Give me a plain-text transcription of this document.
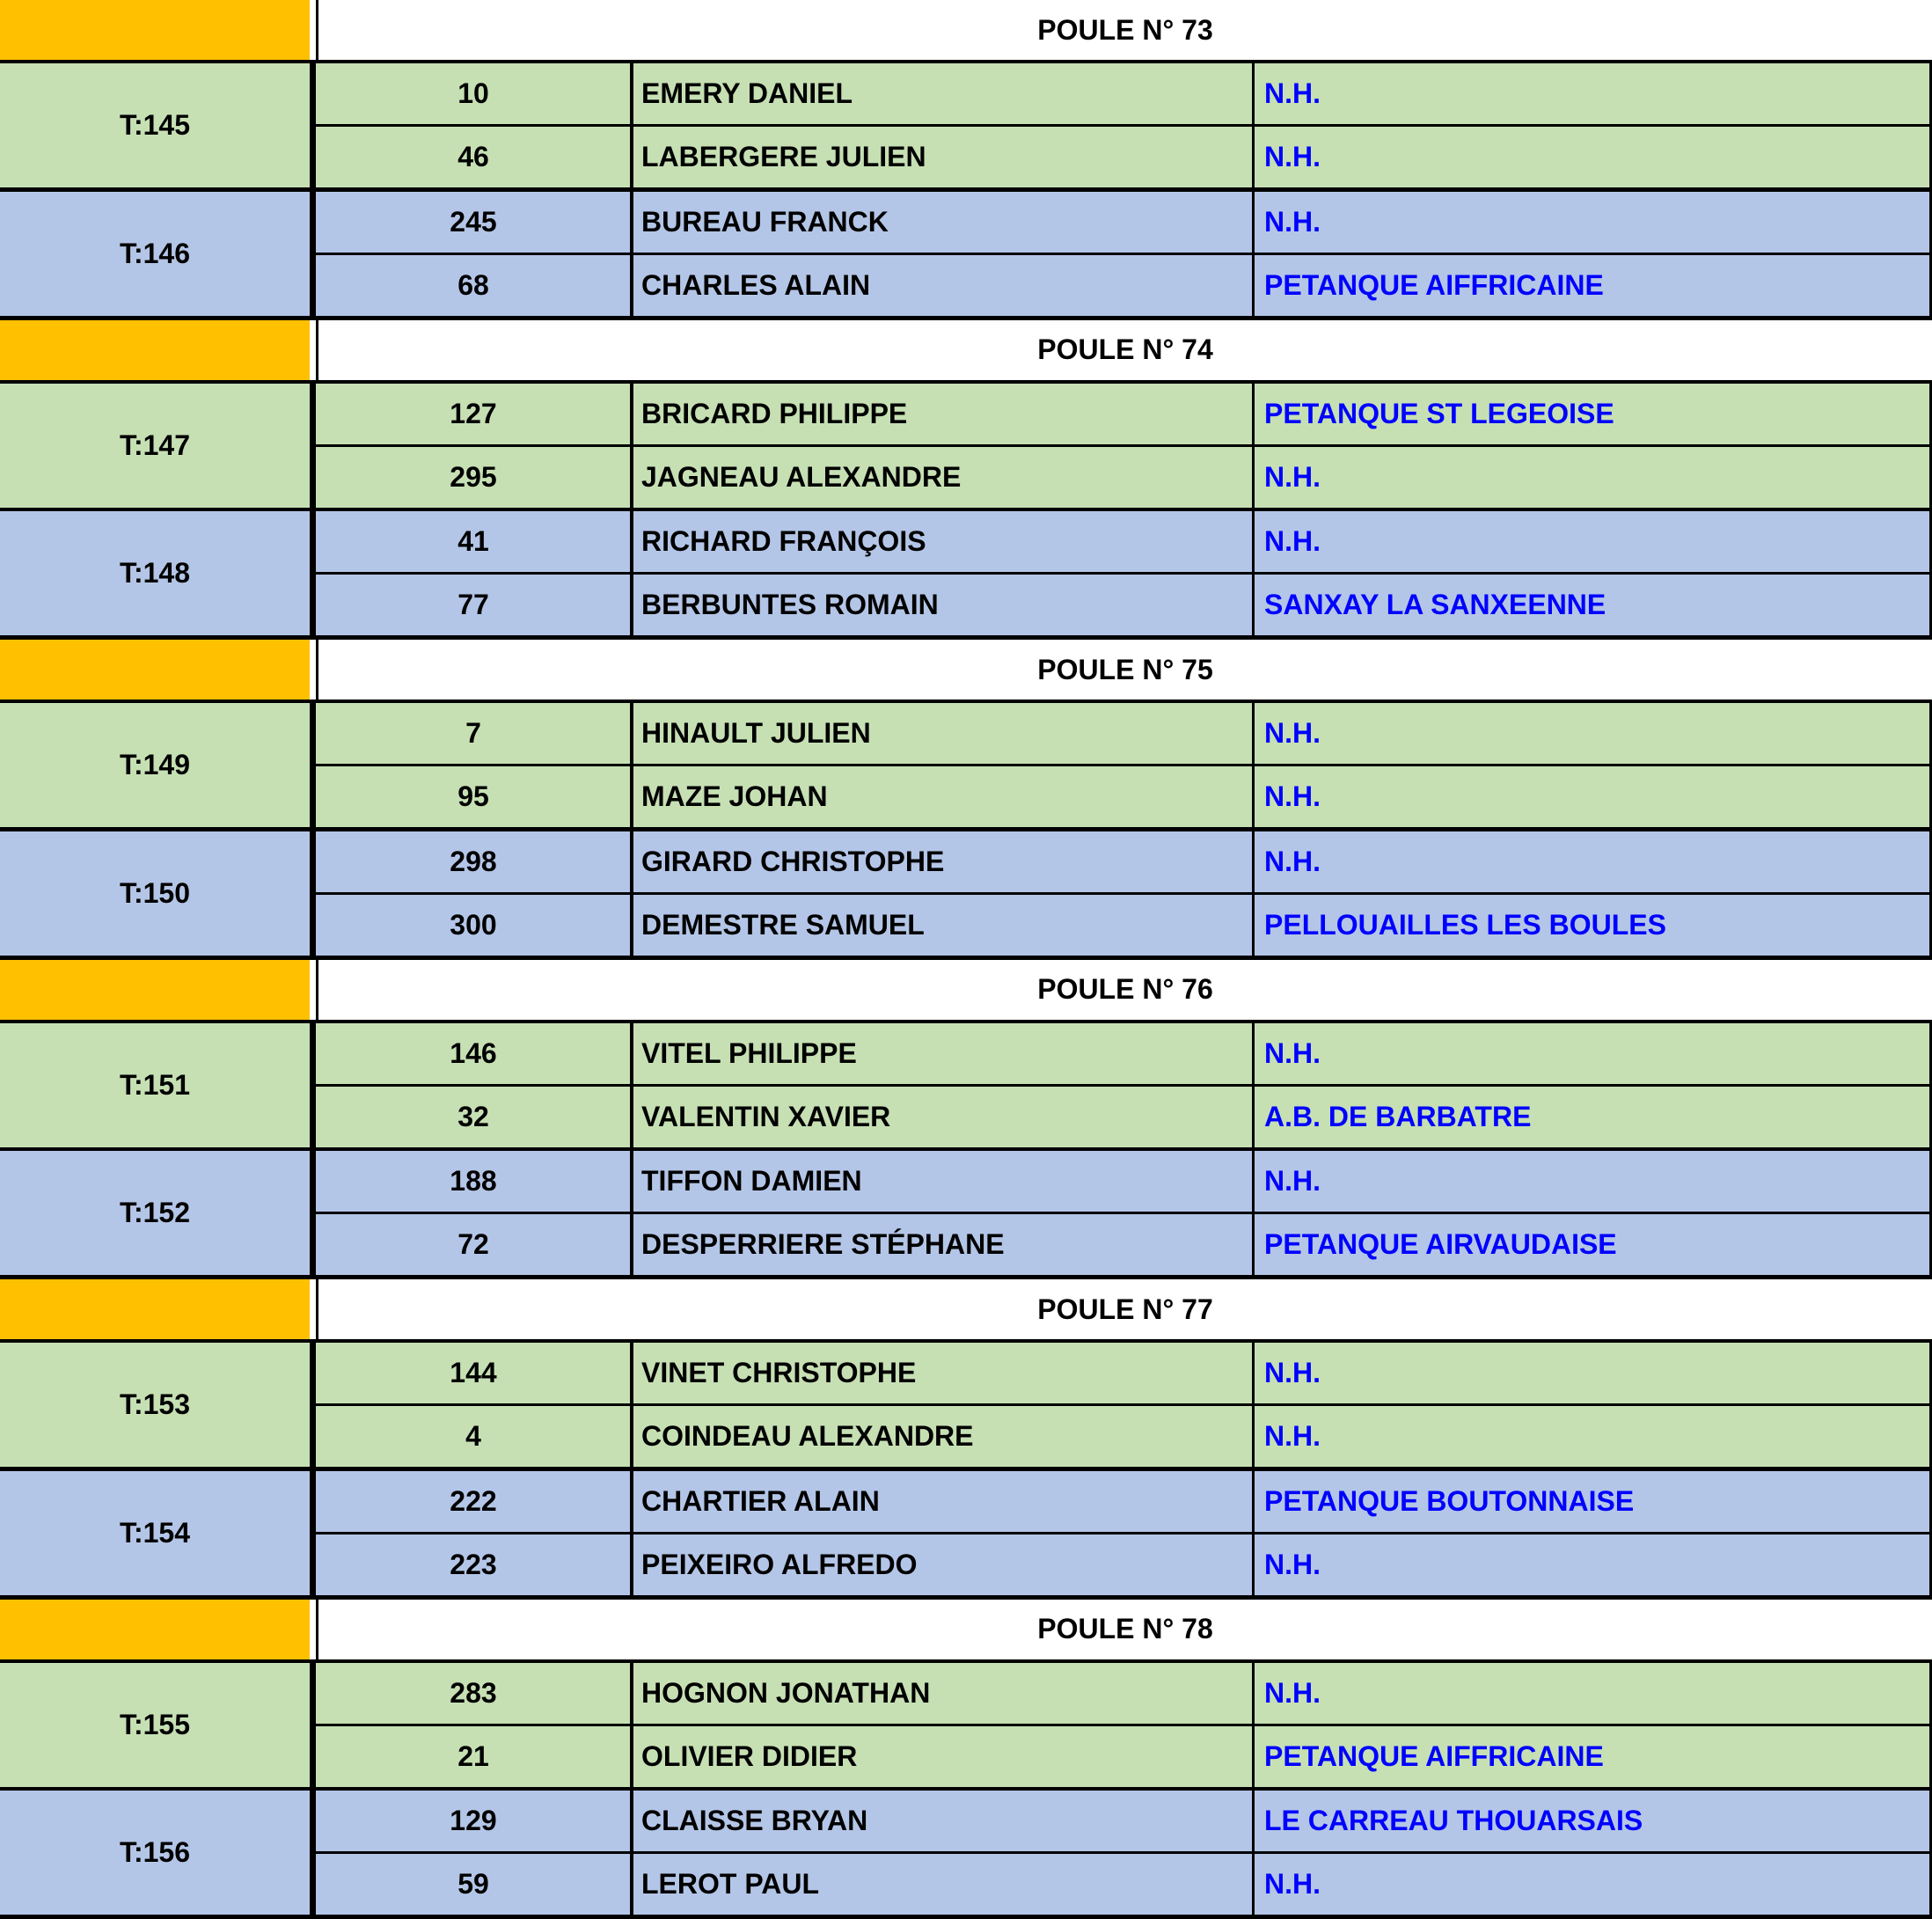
POULE N° 73
T:145
10	EMERY DANIEL	N.H.
46	LABERGERE JULIEN	N.H.
T:146
245	BUREAU FRANCK	N.H.
68	CHARLES ALAIN	PETANQUE AIFFRICAINE
POULE N° 74
T:147
127	BRICARD PHILIPPE	PETANQUE ST LEGEOISE
295	JAGNEAU ALEXANDRE	N.H.
T:148
41	RICHARD FRANÇOIS	N.H.
77	BERBUNTES ROMAIN	SANXAY LA SANXEENNE
POULE N° 75
T:149
7	HINAULT JULIEN	N.H.
95	MAZE JOHAN	N.H.
T:150
298	GIRARD CHRISTOPHE	N.H.
300	DEMESTRE SAMUEL	PELLOUAILLES LES BOULES
POULE N° 76
T:151
146	VITEL PHILIPPE	N.H.
32	VALENTIN XAVIER	A.B. DE BARBATRE
T:152
188	TIFFON DAMIEN	N.H.
72	DESPERRIERE STÉPHANE	PETANQUE AIRVAUDAISE
POULE N° 77
T:153
144	VINET CHRISTOPHE	N.H.
4	COINDEAU ALEXANDRE	N.H.
T:154
222	CHARTIER ALAIN	PETANQUE BOUTONNAISE
223	PEIXEIRO ALFREDO	N.H.
POULE N° 78
T:155
283	HOGNON JONATHAN	N.H.
21	OLIVIER DIDIER	PETANQUE AIFFRICAINE
T:156
129	CLAISSE BRYAN	LE CARREAU THOUARSAIS
59	LEROT PAUL	N.H.
